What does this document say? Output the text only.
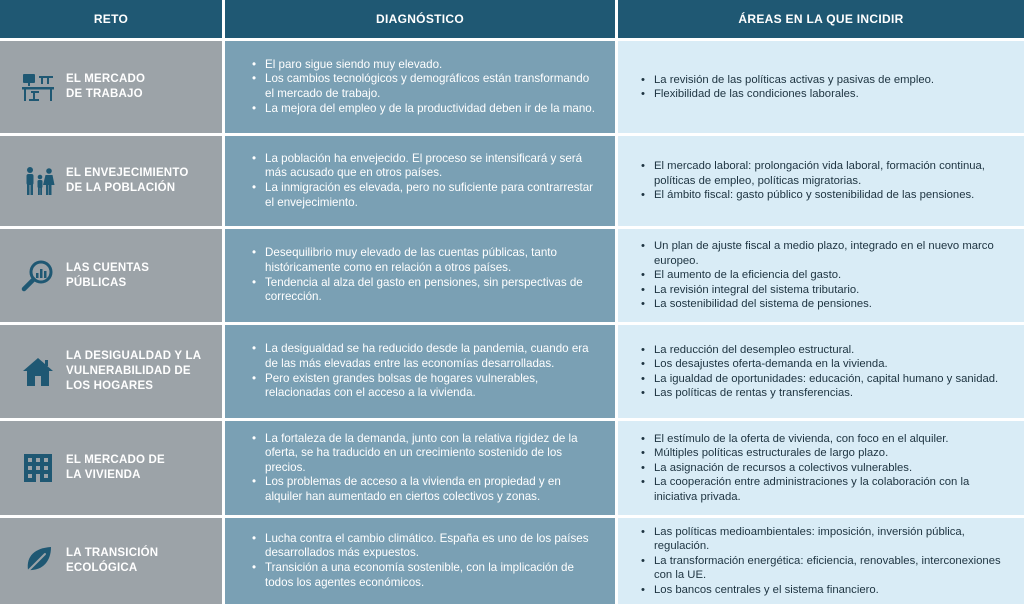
RETO	DIAGNÓSTICO	ÁREAS EN LA QUE INCIDIR
EL MERCADO
DE TRABAJO
• El paro sigue siendo muy elevado.
• Los cambios tecnológicos y demográficos están transformando el mercado de trabajo.
• La mejora del empleo y de la productividad deben ir de la mano.
• La revisión de las políticas activas y pasivas de empleo.
• Flexibilidad de las condiciones laborales.
EL ENVEJECIMIENTO
DE LA POBLACIÓN
• La población ha envejecido. El proceso se intensificará y será más acusado que en otros países.
• La inmigración es elevada, pero no suficiente para contrarrestar el envejecimiento.
• El mercado laboral: prolongación vida laboral, formación continua, políticas de empleo, políticas migratorias.
• El ámbito fiscal: gasto público y sostenibilidad de las pensiones.
LAS CUENTAS
PÚBLICAS
• Desequilibrio muy elevado de las cuentas públicas, tanto históricamente como en relación a otros países.
• Tendencia al alza del gasto en pensiones, sin perspectivas de corrección.
• Un plan de ajuste fiscal a medio plazo, integrado en el nuevo marco europeo.
• El aumento de la eficiencia del gasto.
• La revisión integral del sistema tributario.
• La sostenibilidad del sistema de pensiones.
LA DESIGUALDAD Y LA
VULNERABILIDAD DE
LOS HOGARES
• La desigualdad se ha reducido desde la pandemia, cuando era de las más elevadas entre las economías desarrolladas.
• Pero existen grandes bolsas de hogares vulnerables, relacionadas con el acceso a la vivienda.
• La reducción del desempleo estructural.
• Los desajustes oferta-demanda en la vivienda.
• La igualdad de oportunidades: educación, capital humano y sanidad.
• Las políticas de rentas y transferencias.
EL MERCADO DE
LA VIVIENDA
• La fortaleza de la demanda, junto con la relativa rigidez de la oferta, se ha traducido en un crecimiento sostenido de los precios.
• Los problemas de acceso a la vivienda en propiedad y en alquiler han aumentado en ciertos colectivos y zonas.
• El estímulo de la oferta de vivienda, con foco en el alquiler.
• Múltiples políticas estructurales de largo plazo.
• La asignación de recursos a colectivos vulnerables.
• La cooperación entre administraciones y la colaboración con la iniciativa privada.
LA TRANSICIÓN
ECOLÓGICA
• Lucha contra el cambio climático. España es uno de los países desarrollados más expuestos.
• Transición a una economía sostenible, con la implicación de todos los agentes económicos.
• Las políticas medioambientales: imposición, inversión pública, regulación.
• La transformación energética: eficiencia, renovables, interconexiones con la UE.
• Los bancos centrales y el sistema financiero.
